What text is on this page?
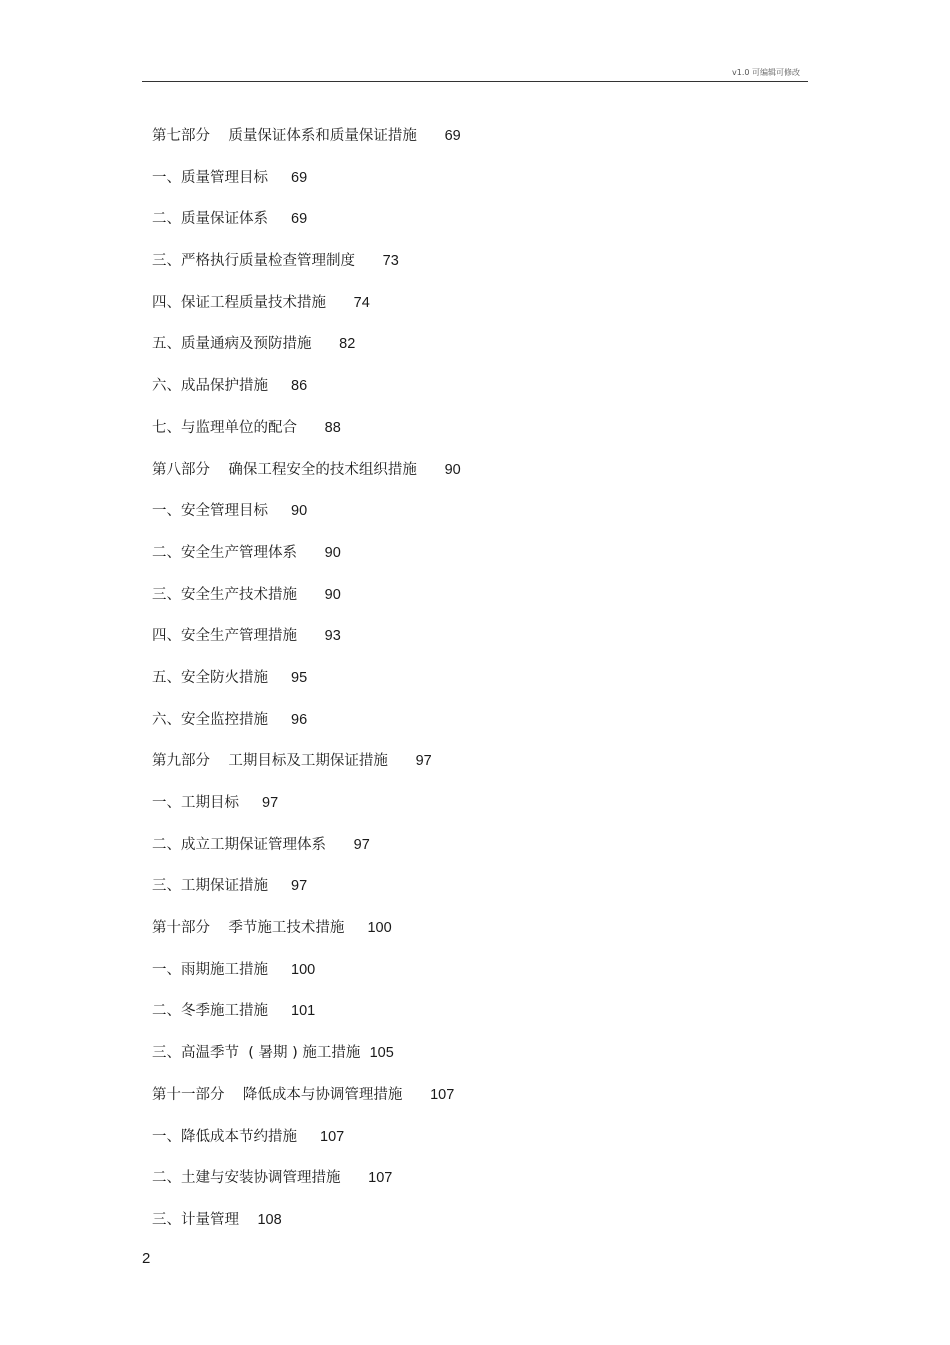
v1.0 可编辑可修改
第七部分    质量保证体系和质量保证措施 69
一、质量管理目标 69
二、质量保证体系 69
三、严格执行质量检查管理制度 73
四、保证工程质量技术措施 74
五、质量通病及预防措施 82
六、成品保护措施 86
七、与监理单位的配合 88
第八部分    确保工程安全的技术组织措施 90
一、安全管理目标 90
二、安全生产管理体系 90
三、安全生产技术措施 90
四、安全生产管理措施 93
五、安全防火措施 95
六、安全监控措施 96
第九部分    工期目标及工期保证措施 97
一、工期目标 97
二、成立工期保证管理体系 97
三、工期保证措施 97
第十部分    季节施工技术措施 100
一、雨期施工措施 100
二、冬季施工措施 101
三、高温季节  ( 暑期 ) 施工措施 105
第十一部分    降低成本与协调管理措施 107
一、降低成本节约措施 107
二、土建与安装协调管理措施 107
三、计量管理 108
2
